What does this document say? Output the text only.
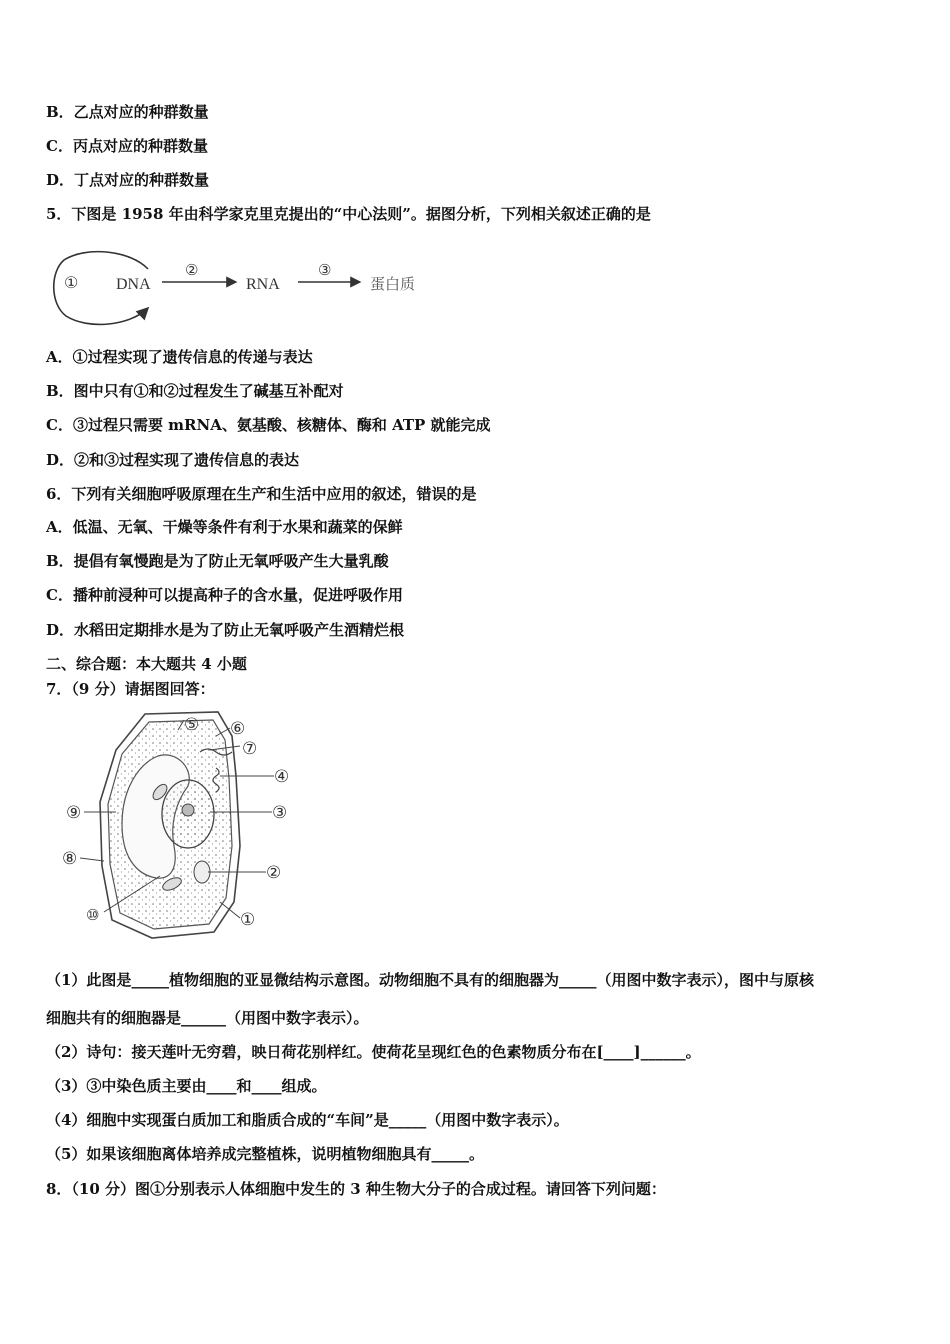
B．乙点对应的种群数量
C．丙点对应的种群数量
D．丁点对应的种群数量
5．下图是 1958 年由科学家克里克提出的“中心法则”。据图分析，下列相关叙述正确的是
① DNA
②
RNA
③
蛋白质
A．①过程实现了遗传信息的传递与表达
B．图中只有①和②过程发生了碱基互补配对
C．③过程只需要 mRNA、氨基酸、核糖体、酶和 ATP 就能完成
D．②和③过程实现了遗传信息的表达
6．下列有关细胞呼吸原理在生产和生活中应用的叙述，错误的是
A．低温、无氧、干燥等条件有利于水果和蔬菜的保鲜
B．提倡有氧慢跑是为了防止无氧呼吸产生大量乳酸
C．播种前浸种可以提高种子的含水量，促进呼吸作用
D．水稻田定期排水是为了防止无氧呼吸产生酒精烂根
二、综合题：本大题共 4 小题
7．（9 分）请据图回答：
①
②
③
④
⑤ ⑥
⑦
⑧
⑨
⑩
（1）此图是_____植物细胞的亚显微结构示意图。动物细胞不具有的细胞器为_____（用图中数字表示），图中与原核
细胞共有的细胞器是______（用图中数字表示）。
（2）诗句：接天莲叶无穷碧，映日荷花别样红。使荷花呈现红色的色素物质分布在[____]______。
（3）③中染色质主要由____和____组成。
（4）细胞中实现蛋白质加工和脂质合成的“车间”是_____（用图中数字表示）。
（5）如果该细胞离体培养成完整植株，说明植物细胞具有_____。
8．（10 分）图①分别表示人体细胞中发生的 3 种生物大分子的合成过程。请回答下列问题：
